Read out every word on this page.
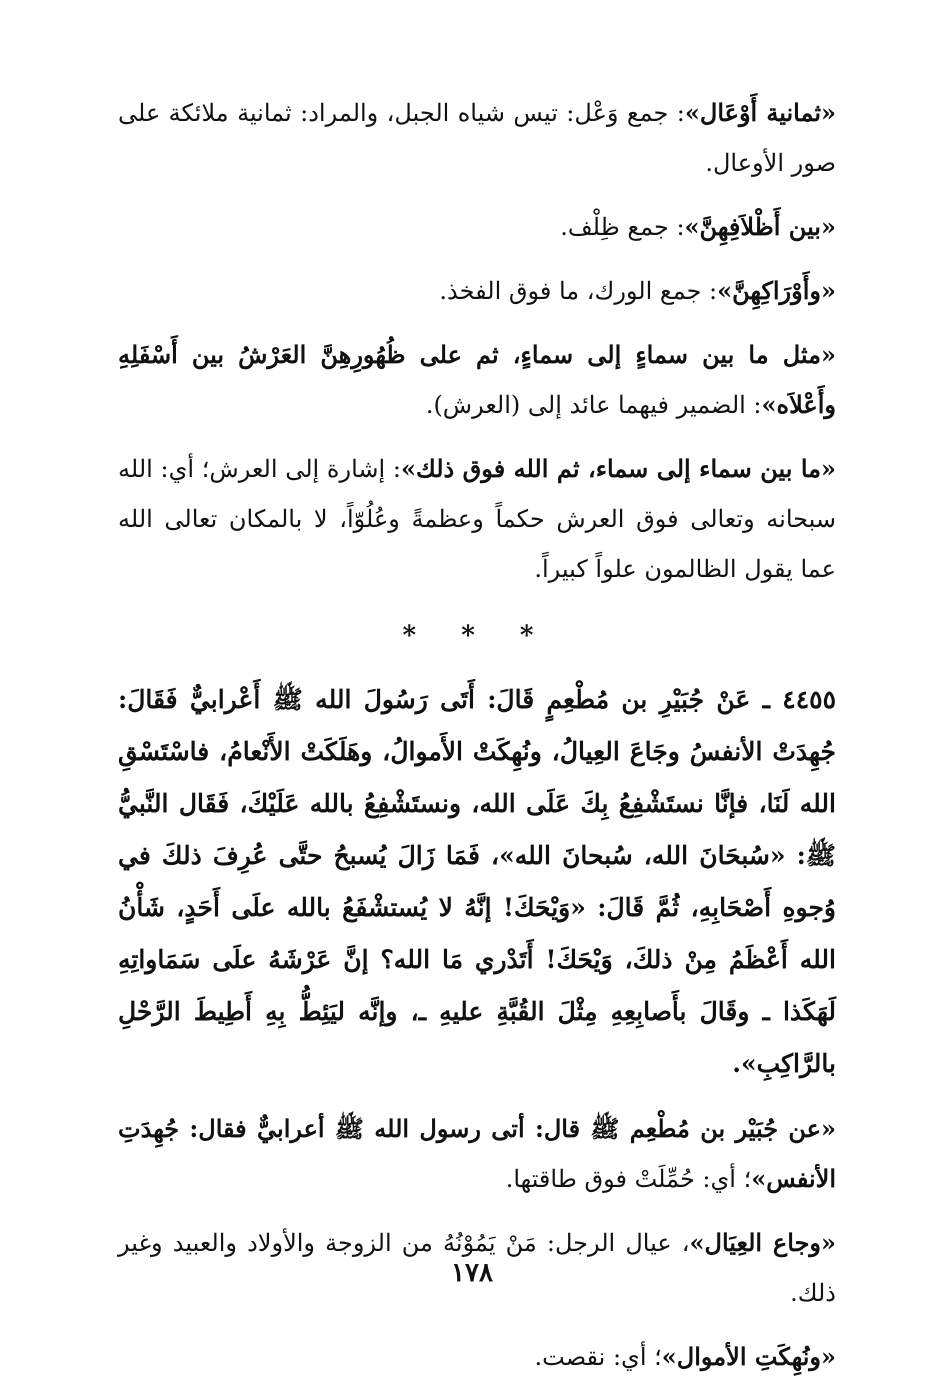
«ثمانية أَوْعَال»: جمع وَعْل: تيس شياه الجبل، والمراد: ثمانية ملائكة على صور الأوعال.

«بين أَظْلاَفِهِنَّ»: جمع ظِلْف.

«وأَوْرَاكِهِنَّ»: جمع الورك، ما فوق الفخذ.

«مثل ما بين سماءٍ إلى سماءٍ، ثم على ظُهُورِهِنَّ العَرْشُ بين أَسْفَلِهِ وأَعْلاَه»: الضمير فيهما عائد إلى (العرش).

«ما بين سماء إلى سماء، ثم الله فوق ذلك»: إشارة إلى العرش؛ أي: الله سبحانه وتعالى فوق العرش حكماً وعظمةً وعُلُوّاً، لا بالمكان تعالى الله عما يقول الظالمون علواً كبيراً.

* * *

٤٤٥٥ ـ عَنْ جُبَيْرِ بن مُطْعِمٍ قَالَ: أَتَى رَسُولَ الله ﷺ أَعْرابيٌّ فَقَالَ: جُهِدَتْ الأنفسُ وجَاعَ العِيالُ، ونُهِكَتْ الأَموالُ، وهَلَكَتْ الأَنْعامُ، فاسْتَسْقِ الله لَنَا، فإنَّا نستَشْفِعُ بِكَ عَلَى الله، ونستَشْفِعُ بالله عَلَيْكَ، فَقَال النَّبيُّ ﷺ: «سُبحَانَ الله، سُبحانَ الله»، فَمَا زَالَ يُسبحُ حتَّى عُرِفَ ذلكَ في وُجوهِ أَصْحَابِهِ، ثُمَّ قَالَ: «وَيْحَكَ! إنَّهُ لا يُستشْفَعُ بالله علَى أَحَدٍ، شَأْنُ الله أَعْظَمُ مِنْ ذلكَ، وَيْحَكَ! أَتَدْري مَا الله؟ إنَّ عَرْشَهُ علَى سَمَاواتِهِ لَهَكَذا ـ وقَالَ بأَصابِعِهِ مِثْلَ القُبَّةِ عليهِ ـ، وإنَّه ليَئِطُّ بِهِ أَطِيطَ الرَّحْلِ بالرَّاكِبِ».

«عن جُبَيْر بن مُطْعِم ﷺ قال: أتى رسول الله ﷺ أعرابيٌّ فقال: جُهِدَتِ الأنفس»؛ أي: حُمِّلَتْ فوق طاقتها.

«وجاع العِيَال»، عيال الرجل: مَنْ يَمُوْنُهُ من الزوجة والأولاد والعبيد وغير ذلك.

«ونُهِكَتِ الأموال»؛ أي: نقصت.

١٧٨
